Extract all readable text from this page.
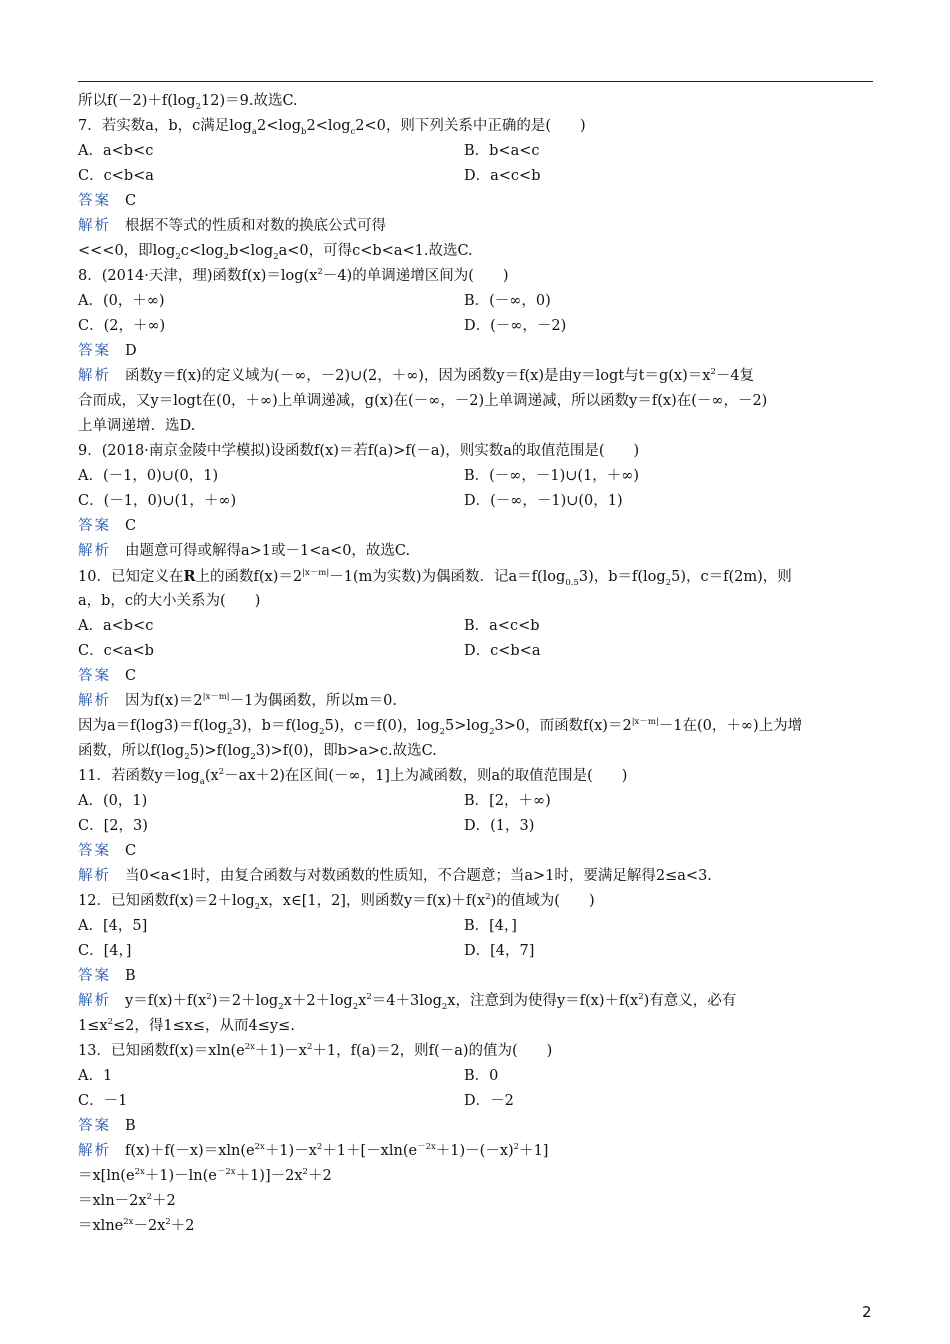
所以$f(-2)+f(\log_212)=9$.故选C.
7．若实数a，b，c满足$\log_a2<\log_b2<\log_c2<0$，则下列关系中正确的是(　　)
A．a<b<c	B．b<a<c
C．c<b<a	D．a<c<b
答案 C
解析 根据不等式的性质和对数的换底公式可得
<<<0，即$\log_2c<\log_2b<\log_2a<0$，可得c<b<a<1.故选C.
8．(2014·天津，理)函数$f(x)=\log(x^2-4)$的单调递增区间为(　　)
A．(0，＋∞)	B．(－∞，0)
C．(2，＋∞)	D．(－∞，－2)
答案 D
解析 函数y＝f(x)的定义域为(－∞，－2)∪(2，＋∞)，因为函数y＝f(x)是由y＝logt与$t=g(x)=x^2-4$复
合而成，又y＝logt在(0，＋∞)上单调递减，g(x)在(－∞，－2)上单调递减，所以函数y＝f(x)在(－∞，－2)
上单调递增．选D.
9．(2018·南京金陵中学模拟)设函数f(x)＝若f(a)>f(－a)，则实数a的取值范围是(　　)
A．(－1，0)∪(0，1)	B．(－∞，－1)∪(1，＋∞)
C．(－1，0)∪(1，＋∞)	D．(－∞，－1)∪(0，1)
答案 C
解析 由题意可得或解得a>1或－1<a<0，故选C.
10．已知定义在R上的函数$f(x)=2^{|x-m|}-1(m$为实数)为偶函数．记$a=f(\log_{0.5}3)$，$b=f(\log_25)$，c＝f(2m)，则
a，b，c的大小关系为(　　)
A．a<b<c	B．a<c<b
C．c<a<b	D．c<b<a
答案 C
解析 因为$f(x)=2^{|x-m|}-1$为偶函数，所以m＝0.
因为$a=f(\log 3)=f(\log_23)$，$b=f(\log_25)$，c＝f(0)，$\log_25>\log_23>0$，而函数$f(x)=2^{|x-m|}-1$在(0，＋∞)上为增
函数，所以$f(\log_25)>f(\log_23)>f(0)$，即b>a>c.故选C.
11．若函数$y=\log_a(x^2-ax+2)$在区间(－∞，1]上为减函数，则a的取值范围是(　　)
A．(0，1)	B．[2，＋∞)
C．[2，3)	D．(1，3)
答案 C
解析 当0<a<1时，由复合函数与对数函数的性质知，不合题意；当a>1时，要满足解得2≤a<3.
12．已知函数$f(x)=2+\log_2x$，x∈[1，2]，则函数$y=f(x)+f(x^2)$的值域为(　　)
A．[4，5]	B．[4，]
C．[4，]	D．[4，7]
答案 B
解析 $y=f(x)+f(x^2)=2+\log_2x+2+\log_2x^2=4+3\log_2x$，注意到为使得$y=f(x)+f(x^2)$有意义，必有
$1\le x^2\le 2$，得1≤x≤，从而4≤y≤.
13．已知函数$f(x)=xln(e^{2x}+1)-x^2+1$，f(a)＝2，则f(－a)的值为(　　)
A．1	B．0
C．－1	D．－2
答案 B
解析 $f(x)+f(-x)=xln(e^{2x}+1)-x^2+1+[-xln(e^{-2x}+1)-(-x)^2+1]$
$=x[\ln(e^{2x}+1)-\ln(e^{-2x}+1)]-2x^2+2$
$=xln-2x^2+2$
$=xlne^{2x}-2x^2+2$
2
